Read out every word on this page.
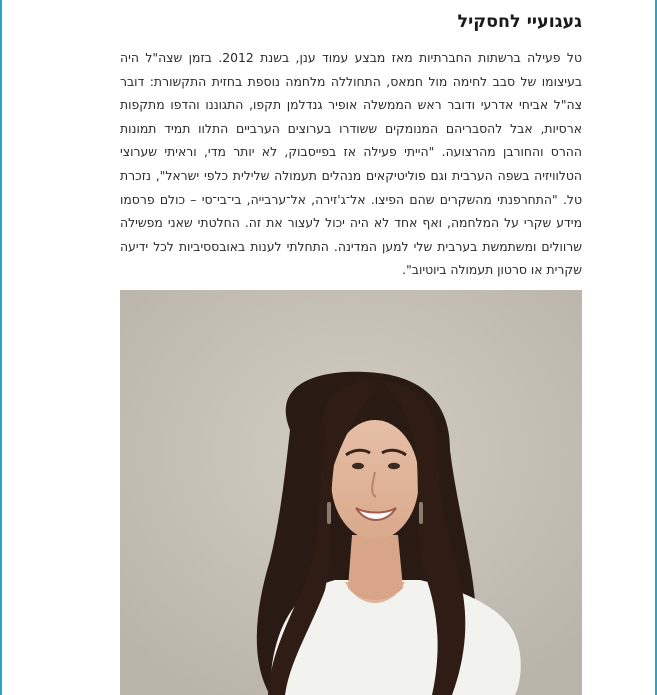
געגועיי לחסקיל

טל פעילה ברשתות החברתיות מאז מבצע עמוד ענן, בשנת 2012. בזמן שצה"ל היה בעיצומו של סבב לחימה מול חמאס, התחוללה מלחמה נוספת בחזית התקשורת: דובר צה"ל אביחי אדרעי ודובר ראש הממשלה אופיר גנדלמן תקפו, התגוננו והדפו מתקפות ארסיות, אבל להסבריהם המנומקים ששודרו בערוצים הערביים התלוו תמיד תמונות ההרס והחורבן מהרצועה. "הייתי פעילה אז בפייסבוק, לא יותר מדי, וראיתי שערוצי הטלוויזיה בשפה הערבית וגם פוליטיקאים מנהלים תעמולה שלילית כלפי ישראל", נזכרת טל. "התחרפנתי מהשקרים שהם הפיצו. אל־ג'זירה, אל־ערבייה, בי־בי־סי – כולם פרסמו מידע שקרי על המלחמה, ואף אחד לא היה יכול לעצור את זה. החלטתי שאני מפשילה שרוולים ומשתמשת בערבית שלי למען המדינה. התחלתי לענות באובססיביות לכל ידיעה שקרית או סרטון תעמולה ביוטיוב".
